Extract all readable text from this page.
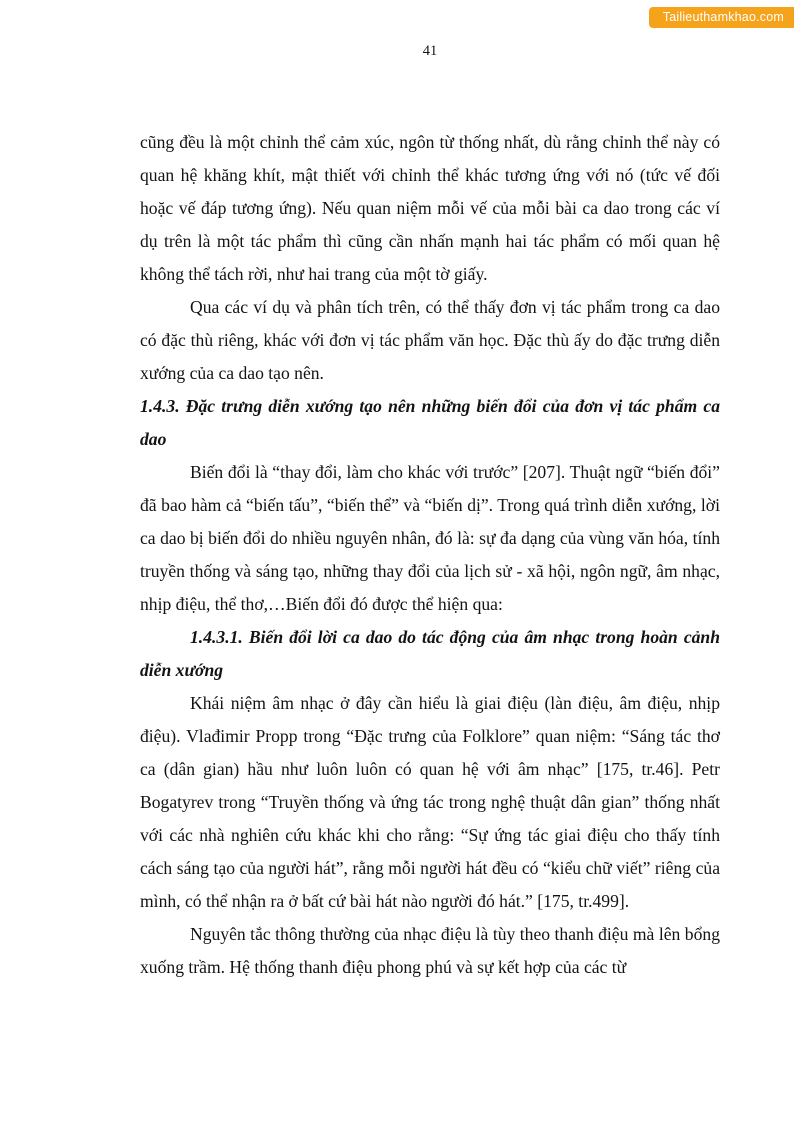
Tailieuthamkhao.com
41

cũng đều là một chỉnh thể cảm xúc, ngôn từ thống nhất, dù rằng chỉnh thể này có quan hệ khăng khít, mật thiết với chỉnh thể khác tương ứng với nó (tức vế đối hoặc vế đáp tương ứng). Nếu quan niệm mỗi vế của mỗi bài ca dao trong các ví dụ trên là một tác phẩm thì cũng cần nhấn mạnh hai tác phẩm có mối quan hệ không thể tách rời, như hai trang của một tờ giấy.

Qua các ví dụ và phân tích trên, có thể thấy đơn vị tác phẩm trong ca dao có đặc thù riêng, khác với đơn vị tác phẩm văn học. Đặc thù ấy do đặc trưng diễn xướng của ca dao tạo nên.

1.4.3. Đặc trưng diễn xướng tạo nên những biến đổi của đơn vị tác phẩm ca dao

Biến đổi là “thay đổi, làm cho khác với trước” [207]. Thuật ngữ “biến đổi” đã bao hàm cả “biến tấu”, “biến thể” và “biến dị”. Trong quá trình diễn xướng, lời ca dao bị biến đổi do nhiều nguyên nhân, đó là: sự đa dạng của vùng văn hóa, tính truyền thống và sáng tạo, những thay đổi của lịch sử - xã hội, ngôn ngữ, âm nhạc, nhịp điệu, thể thơ,…Biến đổi đó được thể hiện qua:

1.4.3.1. Biến đổi lời ca dao do tác động của âm nhạc trong hoàn cảnh diễn xướng

Khái niệm âm nhạc ở đây cần hiểu là giai điệu (làn điệu, âm điệu, nhịp điệu). Vlađimir Propp trong “Đặc trưng của Folklore” quan niệm: “Sáng tác thơ ca (dân gian) hầu như luôn luôn có quan hệ với âm nhạc” [175, tr.46]. Petr Bogatyrev trong “Truyền thống và ứng tác trong nghệ thuật dân gian” thống nhất với các nhà nghiên cứu khác khi cho rằng: “Sự ứng tác giai điệu cho thấy tính cách sáng tạo của người hát”, rằng mỗi người hát đều có “kiểu chữ viết” riêng của mình, có thể nhận ra ở bất cứ bài hát nào người đó hát.” [175, tr.499].

Nguyên tắc thông thường của nhạc điệu là tùy theo thanh điệu mà lên bổng xuống trầm. Hệ thống thanh điệu phong phú và sự kết hợp của các từ
